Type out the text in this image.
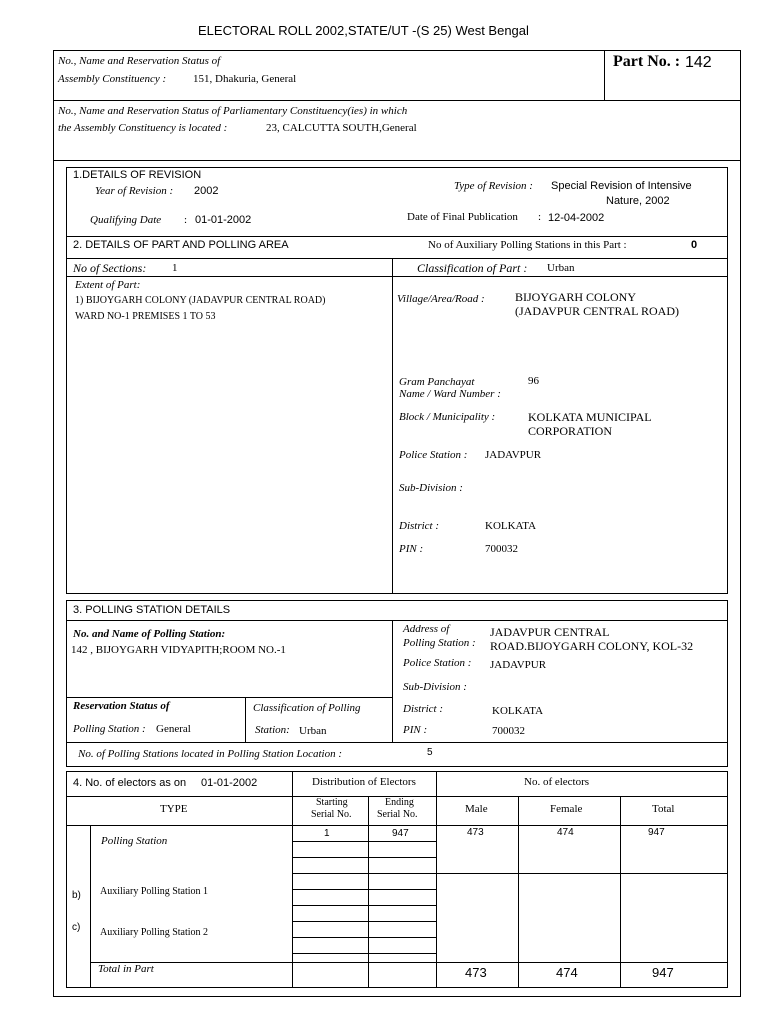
ELECTORAL ROLL 2002,STATE/UT -(S 25) West Bengal
No., Name and Reservation Status of
Assembly Constituency : 151, Dhakuria, General
Part No. : 142
No., Name and Reservation Status of Parliamentary Constituency(ies) in which
the Assembly Constituency is located :	23, CALCUTTA SOUTH,General
1.DETAILS OF REVISION
Year of Revision : 2002	Type of Revision : Special Revision of Intensive
Nature, 2002
Qualifying Date : 01-01-2002	Date of Final Publication : 12-04-2002
2. DETAILS OF PART AND POLLING AREA	No of Auxiliary Polling Stations in this Part :	0
No of Sections: 1	Classification of Part : Urban
Extent of Part:
1) BIJOYGARH COLONY (JADAVPUR CENTRAL ROAD)
WARD NO-1 PREMISES 1 TO 53
Village/Area/Road :	BIJOYGARH COLONY
(JADAVPUR CENTRAL ROAD)
Gram Panchayat
Name / Ward Number :
96
Block / Municipality :	KOLKATA MUNICIPAL
CORPORATION
Police Station : JADAVPUR
Sub-Division :
District :	KOLKATA
PIN :	700032
3. POLLING STATION DETAILS
No. and Name of Polling Station:
142 , BIJOYGARH VIDYAPITH;ROOM NO.-1
Address of
Polling Station :
JADAVPUR CENTRAL
ROAD.BIJOYGARH COLONY, KOL-32
Police Station : JADAVPUR
Sub-Division :
Reservation Status of
Polling Station : General
Classification of Polling
Station: Urban
District :	KOLKATA
PIN :	700032
No. of Polling Stations located in Polling Station Location :	5
4. No. of electors as on 01-01-2002	Distribution of Electors	No. of electors
TYPE
Starting
Serial No.
Ending
Serial No.	Male	Female	Total
Polling Station
1	947	473	474	947
b) Auxiliary Polling Station 1
c) Auxiliary Polling Station 2
Total in Part	473	474	947
